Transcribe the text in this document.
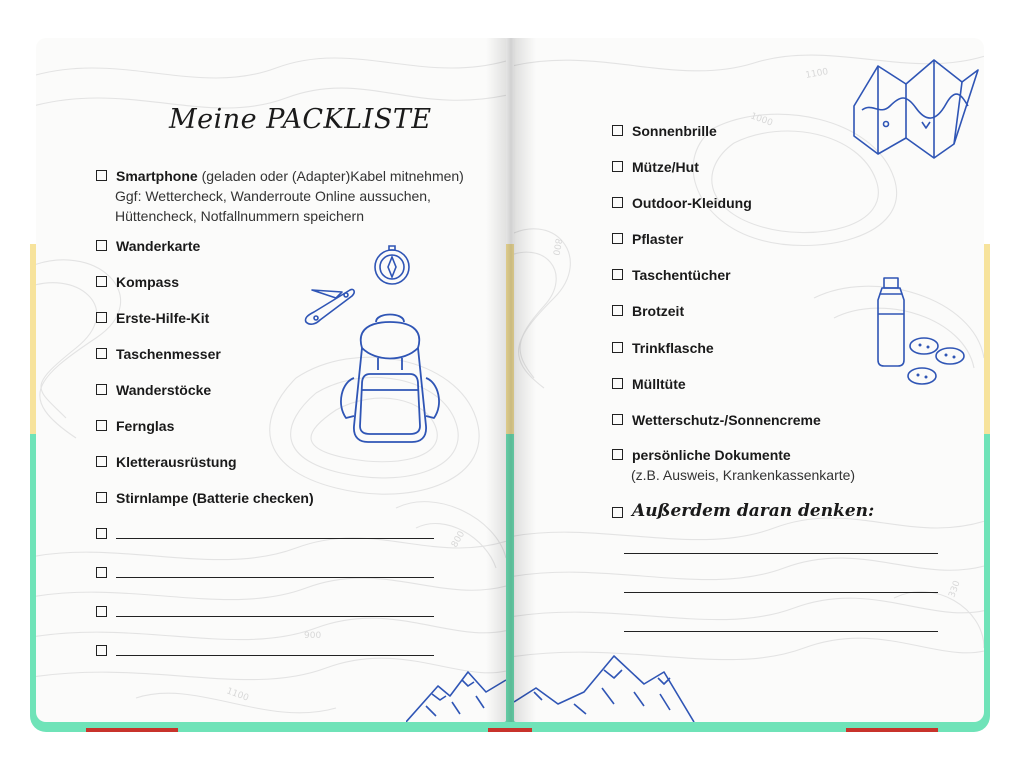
900
800
1100
Meine PACKLISTE
Smartphone (geladen oder (Adapter)Kabel mitnehmen)
Ggf: Wettercheck, Wanderroute Online aussuchen,
Hüttencheck, Notfallnummern speichern
Wanderkarte
Kompass
Erste-Hilfe-Kit
Taschenmesser
Wanderstöcke
Fernglas
Kletterausrüstung
Stirnlampe (Batterie checken)
1100
1000
800
330
Sonnenbrille
Mütze/Hut
Outdoor-Kleidung
Pflaster
Taschentücher
Brotzeit
Trinkflasche
Mülltüte
Wetterschutz-/Sonnencreme
persönliche Dokumente
(z.B. Ausweis, Krankenkassenkarte)
Außerdem daran denken:
